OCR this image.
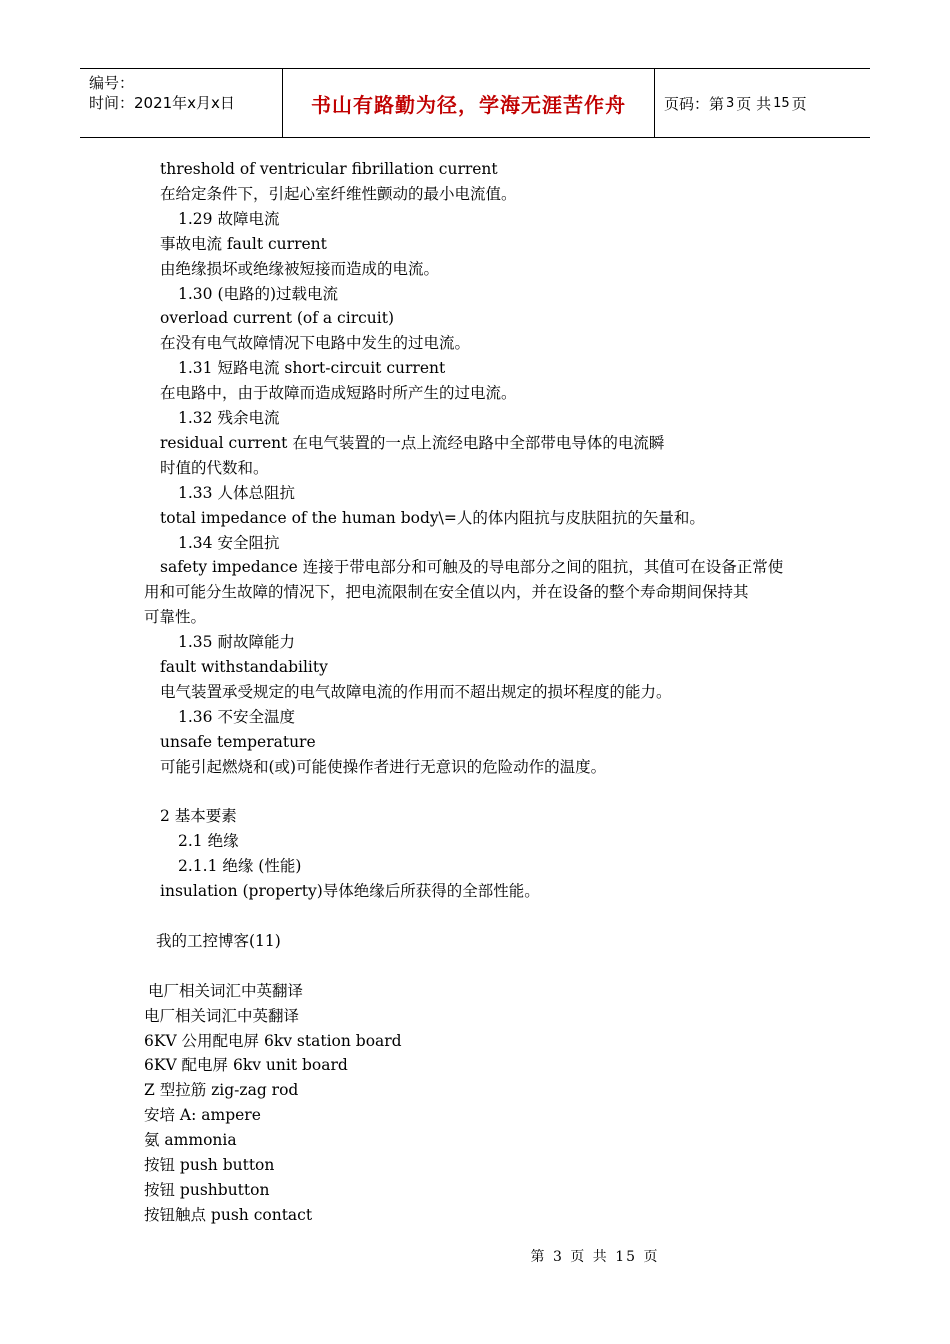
编号：
时间：2021年x月x日	书山有路勤为径，学海无涯苦作舟	页码：第 3 页 共 15 页
threshold of ventricular fibrillation current
在给定条件下，引起心室纤维性颤动的最小电流值。
1.29 故障电流
事故电流 fault current
由绝缘损坏或绝缘被短接而造成的电流。
1.30 (电路的)过载电流
overload current (of a circuit)
在没有电气故障情况下电路中发生的过电流。
1.31 短路电流 short-circuit current
在电路中，由于故障而造成短路时所产生的过电流。
1.32 残余电流
residual current 在电气装置的一点上流经电路中全部带电导体的电流瞬
时值的代数和。
1.33 人体总阻抗
total impedance of the human body\=人的体内阻抗与皮肤阻抗的矢量和。
1.34 安全阻抗
safety impedance 连接于带电部分和可触及的导电部分之间的阻抗，其值可在设备正常使
用和可能分生故障的情况下，把电流限制在安全值以内，并在设备的整个寿命期间保持其
可靠性。
1.35 耐故障能力
fault withstandability
电气装置承受规定的电气故障电流的作用而不超出规定的损坏程度的能力。
1.36 不安全温度
unsafe temperature
可能引起燃烧和(或)可能使操作者进行无意识的危险动作的温度。
2 基本要素
2.1 绝缘
2.1.1 绝缘 (性能)
insulation (property)导体绝缘后所获得的全部性能。
我的工控博客(11)
电厂相关词汇中英翻译
电厂相关词汇中英翻译
6KV 公用配电屏 6kv station board
6KV 配电屏 6kv unit board
Z 型拉筋 zig-zag rod
安培 A: ampere
氨 ammonia
按钮 push button
按钮 pushbutton
按钮触点 push contact
第 3 页 共 15 页
